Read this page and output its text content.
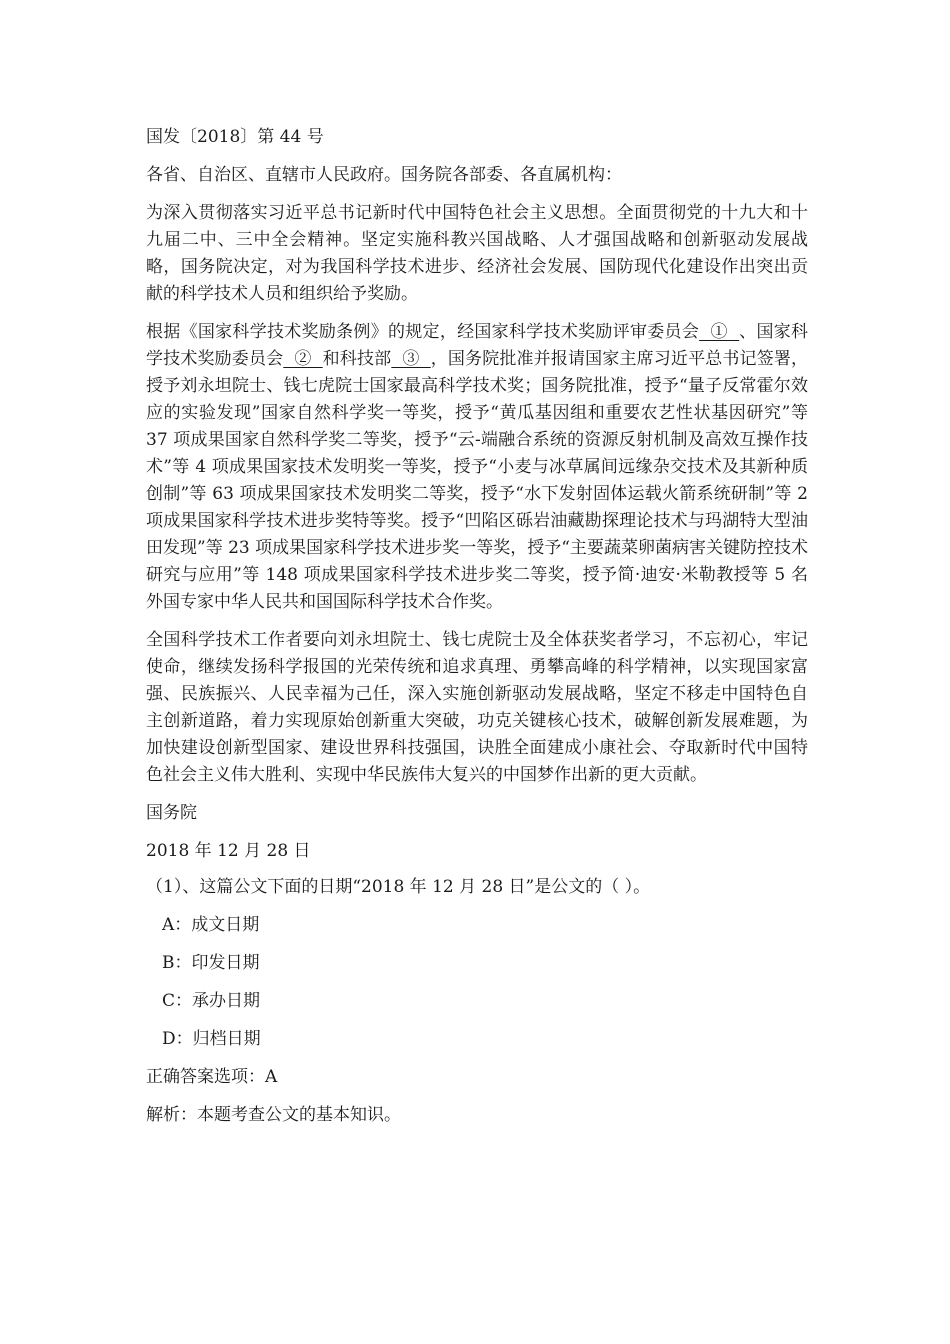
国发〔2018〕第 44 号

各省、自治区、直辖市人民政府。国务院各部委、各直属机构：

为深入贯彻落实习近平总书记新时代中国特色社会主义思想。全面贯彻党的十九大和十九届二中、三中全会精神。坚定实施科教兴国战略、人才强国战略和创新驱动发展战略，国务院决定，对为我国科学技术进步、经济社会发展、国防现代化建设作出突出贡献的科学技术人员和组织给予奖励。

根据《国家科学技术奖励条例》的规定，经国家科学技术奖励评审委员会  ①  、国家科学技术奖励委员会  ②  和科技部  ③  ，国务院批准并报请国家主席习近平总书记签署，授予刘永坦院士、钱七虎院士国家最高科学技术奖；国务院批准，授予“量子反常霍尔效应的实验发现”国家自然科学奖一等奖，授予“黄瓜基因组和重要农艺性状基因研究”等 37 项成果国家自然科学奖二等奖，授予“云-端融合系统的资源反射机制及高效互操作技术”等 4 项成果国家技术发明奖一等奖，授予“小麦与冰草属间远缘杂交技术及其新种质创制”等 63 项成果国家技术发明奖二等奖，授予“水下发射固体运载火箭系统研制”等 2 项成果国家科学技术进步奖特等奖。授予“凹陷区砾岩油藏勘探理论技术与玛湖特大型油田发现”等 23 项成果国家科学技术进步奖一等奖，授予“主要蔬菜卵菌病害关键防控技术研究与应用”等 148 项成果国家科学技术进步奖二等奖，授予简·迪安·米勒教授等 5 名外国专家中华人民共和国国际科学技术合作奖。

全国科学技术工作者要向刘永坦院士、钱七虎院士及全体获奖者学习，不忘初心，牢记使命，继续发扬科学报国的光荣传统和追求真理、勇攀高峰的科学精神，以实现国家富强、民族振兴、人民幸福为己任，深入实施创新驱动发展战略，坚定不移走中国特色自主创新道路，着力实现原始创新重大突破，功克关键核心技术，破解创新发展难题，为加快建设创新型国家、建设世界科技强国，诀胜全面建成小康社会、夺取新时代中国特色社会主义伟大胜利、实现中华民族伟大复兴的中国梦作出新的更大贡献。

国务院

2018 年 12 月 28 日

（1）、这篇公文下面的日期“2018 年 12 月 28 日”是公文的（ ）。

A：成文日期

B：印发日期

C：承办日期

D：归档日期

正确答案选项：A

解析：本题考查公文的基本知识。
